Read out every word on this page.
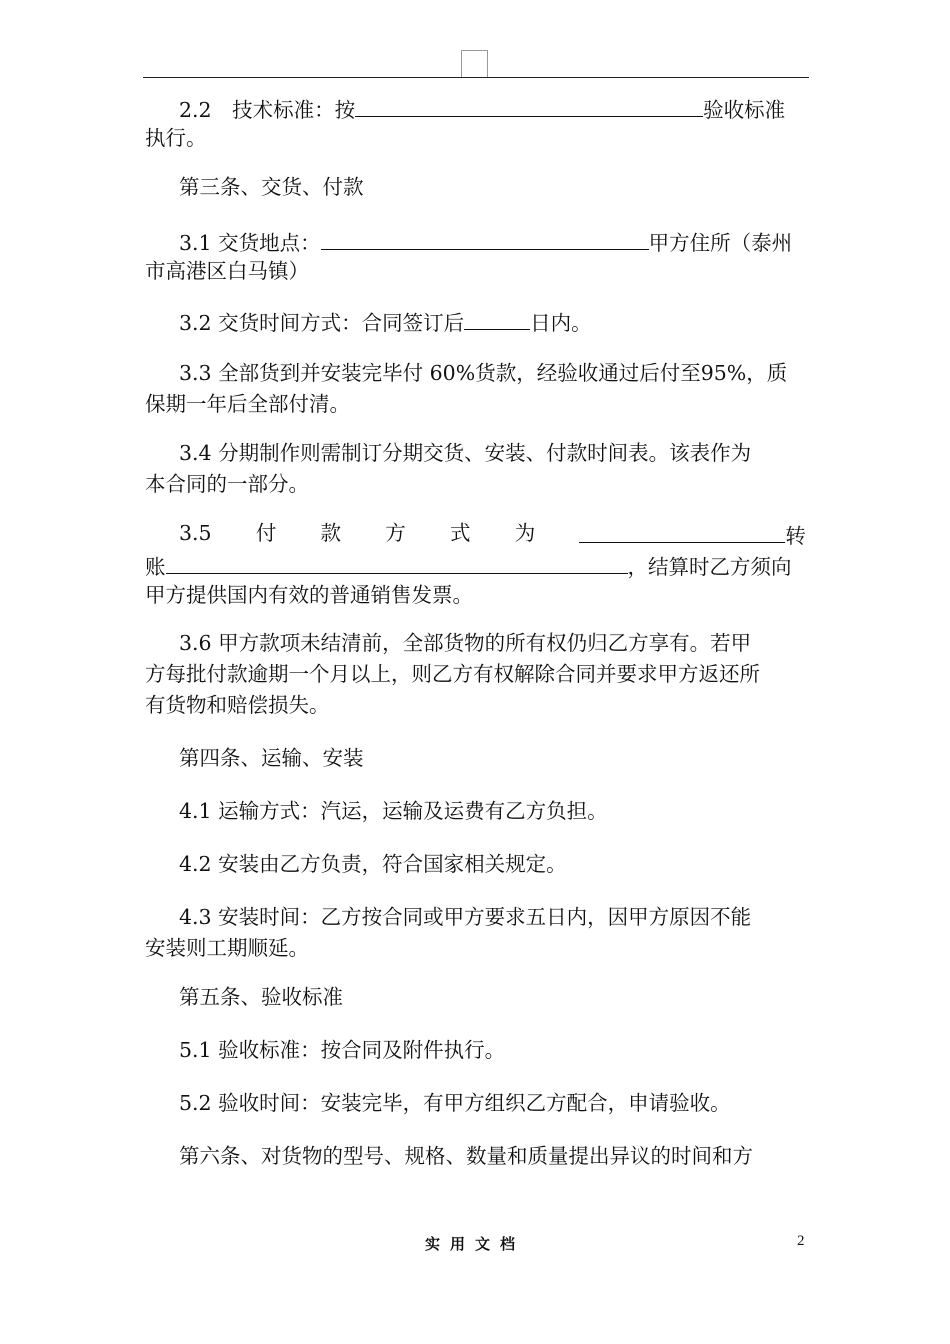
2.2　技术标准：按	验收标准
执行。
第三条、交货、付款
3.1 交货地点：	甲方住所（泰州
市高港区白马镇）
3.2 交货时间方式：合同签订后	日内。
3.3 全部货到并安装完毕付 60%货款，经验收通过后付至95%，质
保期一年后全部付清。
3.4 分期制作则需制订分期交货、安装、付款时间表。该表作为
本合同的一部分。
3.5 付 款 方 式 为	转
账	，结算时乙方须向
甲方提供国内有效的普通销售发票。
3.6 甲方款项未结清前，全部货物的所有权仍归乙方享有。若甲
方每批付款逾期一个月以上，则乙方有权解除合同并要求甲方返还所
有货物和赔偿损失。
第四条、运输、安装
4.1 运输方式：汽运，运输及运费有乙方负担。
4.2 安装由乙方负责，符合国家相关规定。
4.3 安装时间：乙方按合同或甲方要求五日内，因甲方原因不能
安装则工期顺延。
第五条、验收标准
5.1 验收标准：按合同及附件执行。
5.2 验收时间：安装完毕，有甲方组织乙方配合，申请验收。
第六条、对货物的型号、规格、数量和质量提出异议的时间和方
实用文档	2
